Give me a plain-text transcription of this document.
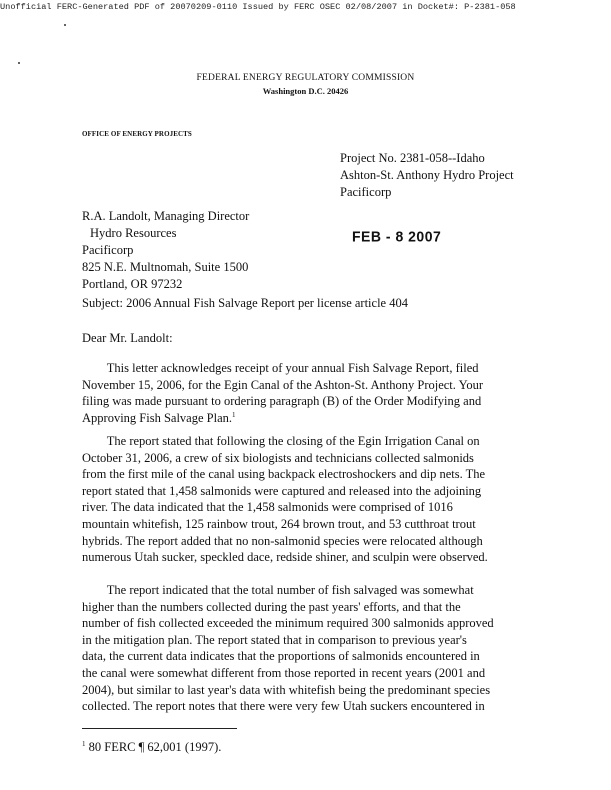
Unofficial FERC-Generated PDF of 20070209-0110 Issued by FERC OSEC 02/08/2007 in Docket#: P-2381-058
FEDERAL ENERGY REGULATORY COMMISSION
Washington D.C. 20426
OFFICE OF ENERGY PROJECTS
Project No. 2381-058--Idaho
Ashton-St. Anthony Hydro Project
Pacificorp
R.A. Landolt, Managing Director
Hydro Resources
Pacificorp
825 N.E. Multnomah, Suite 1500
Portland, OR 97232
FEB - 8 2007
Subject: 2006 Annual Fish Salvage Report per license article 404
Dear Mr. Landolt:
This letter acknowledges receipt of your annual Fish Salvage Report, filed
November 15, 2006, for the Egin Canal of the Ashton-St. Anthony Project. Your
filing was made pursuant to ordering paragraph (B) of the Order Modifying and
Approving Fish Salvage Plan.$^1$
The report stated that following the closing of the Egin Irrigation Canal on
October 31, 2006, a crew of six biologists and technicians collected salmonids
from the first mile of the canal using backpack electroshockers and dip nets. The
report stated that 1,458 salmonids were captured and released into the adjoining
river. The data indicated that the 1,458 salmonids were comprised of 1016
mountain whitefish, 125 rainbow trout, 264 brown trout, and 53 cutthroat trout
hybrids. The report added that no non-salmonid species were relocated although
numerous Utah sucker, speckled dace, redside shiner, and sculpin were observed.
The report indicated that the total number of fish salvaged was somewhat
higher than the numbers collected during the past years' efforts, and that the
number of fish collected exceeded the minimum required 300 salmonids approved
in the mitigation plan. The report stated that in comparison to previous year's
data, the current data indicates that the proportions of salmonids encountered in
the canal were somewhat different from those reported in recent years (2001 and
2004), but similar to last year's data with whitefish being the predominant species
collected. The report notes that there were very few Utah suckers encountered in
$^1$ 80 FERC ¶ 62,001 (1997).
